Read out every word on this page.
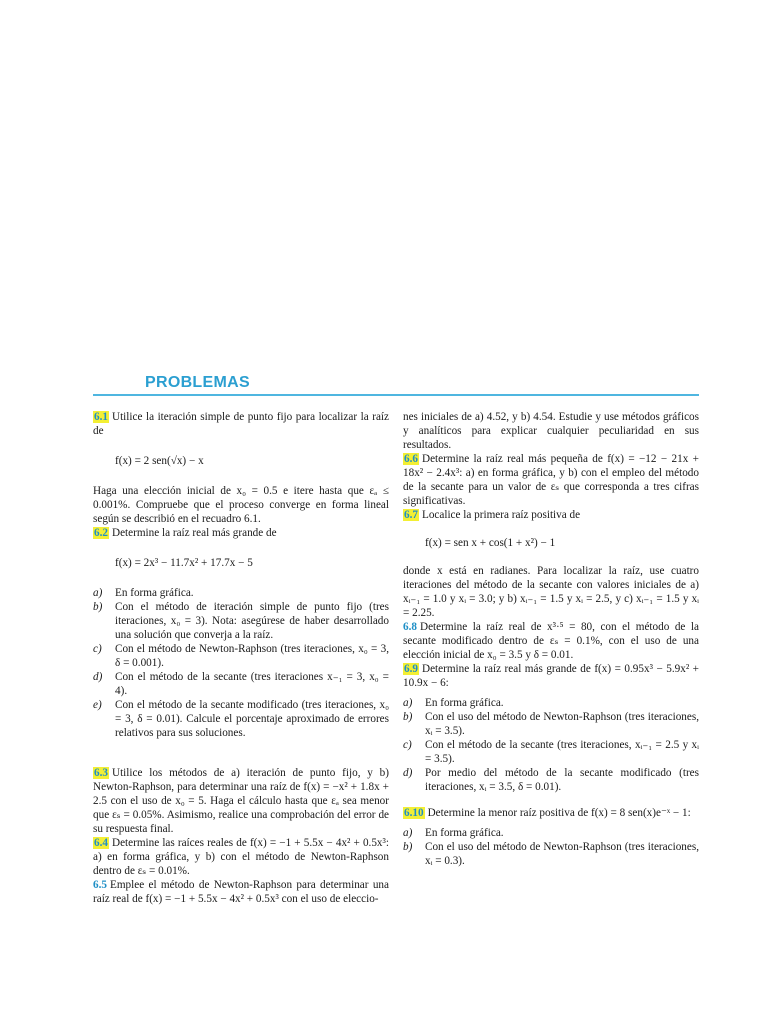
PROBLEMAS

6.1 Utilice la iteración simple de punto fijo para localizar la raíz de

f(x) = 2 sen(√x) − x

Haga una elección inicial de x₀ = 0.5 e itere hasta que εₐ ≤ 0.001%. Compruebe que el proceso converge en forma lineal según se describió en el recuadro 6.1.

6.2 Determine la raíz real más grande de

f(x) = 2x³ − 11.7x² + 17.7x − 5
a)	En forma gráfica.
b)	Con el método de iteración simple de punto fijo (tres iteraciones, x₀ = 3). Nota: asegúrese de haber desarrollado una solución que converja a la raíz.
c)	Con el método de Newton-Raphson (tres iteraciones, x₀ = 3, δ = 0.001).
d)	Con el método de la secante (tres iteraciones x₋₁ = 3, x₀ = 4).
e)	Con el método de la secante modificado (tres iteraciones, x₀ = 3, δ = 0.01). Calcule el porcentaje aproximado de errores relativos para sus soluciones.

6.3 Utilice los métodos de a) iteración de punto fijo, y b) Newton-Raphson, para determinar una raíz de f(x) = −x² + 1.8x + 2.5 con el uso de x₀ = 5. Haga el cálculo hasta que εₐ sea menor que εₛ = 0.05%. Asimismo, realice una comprobación del error de su respuesta final.

6.4 Determine las raíces reales de f(x) = −1 + 5.5x − 4x² + 0.5x³: a) en forma gráfica, y b) con el método de Newton-Raphson dentro de εₛ = 0.01%.

6.5 Emplee el método de Newton-Raphson para determinar una raíz real de f(x) = −1 + 5.5x − 4x² + 0.5x³ con el uso de eleccio-

nes iniciales de a) 4.52, y b) 4.54. Estudie y use métodos gráficos y analíticos para explicar cualquier peculiaridad en sus resultados.

6.6 Determine la raíz real más pequeña de f(x) = −12 − 21x + 18x² − 2.4x³: a) en forma gráfica, y b) con el empleo del método de la secante para un valor de εₛ que corresponda a tres cifras significativas.

6.7 Localice la primera raíz positiva de

f(x) = sen x + cos(1 + x²) − 1

donde x está en radianes. Para localizar la raíz, use cuatro iteraciones del método de la secante con valores iniciales de a) xᵢ₋₁ = 1.0 y xᵢ = 3.0; y b) xᵢ₋₁ = 1.5 y xᵢ = 2.5, y c) xᵢ₋₁ = 1.5 y xᵢ = 2.25.

6.8 Determine la raíz real de x³·⁵ = 80, con el método de la secante modificado dentro de εₛ = 0.1%, con el uso de una elección inicial de x₀ = 3.5 y δ = 0.01.

6.9 Determine la raíz real más grande de f(x) = 0.95x³ − 5.9x² + 10.9x − 6:

a)	En forma gráfica.
b)	Con el uso del método de Newton-Raphson (tres iteraciones, xᵢ = 3.5).
c)	Con el método de la secante (tres iteraciones, xᵢ₋₁ = 2.5 y xᵢ = 3.5).
d)	Por medio del método de la secante modificado (tres iteraciones, xᵢ = 3.5, δ = 0.01).

6.10 Determine la menor raíz positiva de f(x) = 8 sen(x)e⁻ˣ − 1:

a)	En forma gráfica.
b)	Con el uso del método de Newton-Raphson (tres iteraciones, xᵢ = 0.3).
